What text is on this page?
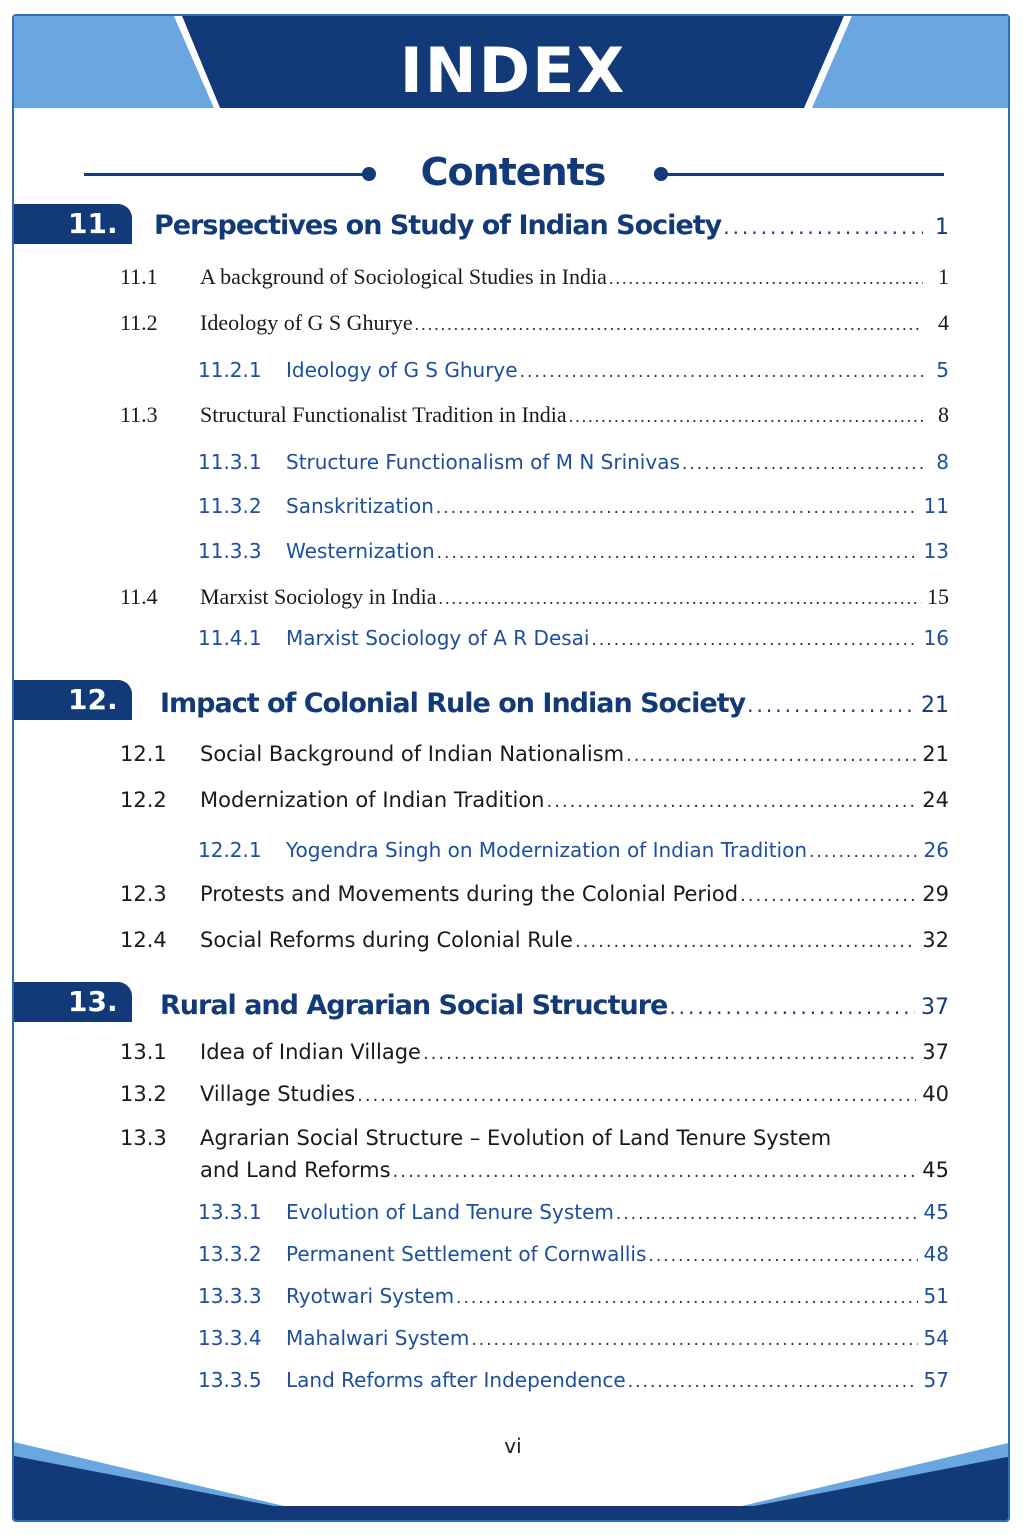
INDEX
Contents
11.	Perspectives on Study of Indian Society .....	1
11.1	A background of Sociological Studies in India .....	1
11.2	Ideology of G S Ghurye .....	4
11.2.1	Ideology of G S Ghurye .....	5
11.3	Structural Functionalist Tradition in India .....	8
11.3.1	Structure Functionalism of M N Srinivas .....	8
11.3.2	Sanskritization .....	11
11.3.3	Westernization .....	13
11.4	Marxist Sociology in India .....	15
11.4.1	Marxist Sociology of A R Desai .....	16
12.	Impact of Colonial Rule on Indian Society .....	21
12.1	Social Background of Indian Nationalism .....	21
12.2	Modernization of Indian Tradition .....	24
12.2.1	Yogendra Singh on Modernization of Indian Tradition .....	26
12.3	Protests and Movements during the Colonial Period .....	29
12.4	Social Reforms during Colonial Rule .....	32
13.	Rural and Agrarian Social Structure .....	37
13.1	Idea of Indian Village .....	37
13.2	Village Studies .....	40
13.3	Agrarian Social Structure – Evolution of Land Tenure System
and Land Reforms .....	45
13.3.1	Evolution of Land Tenure System .....	45
13.3.2	Permanent Settlement of Cornwallis .....	48
13.3.3	Ryotwari System .....	51
13.3.4	Mahalwari System .....	54
13.3.5	Land Reforms after Independence .....	57
vi
